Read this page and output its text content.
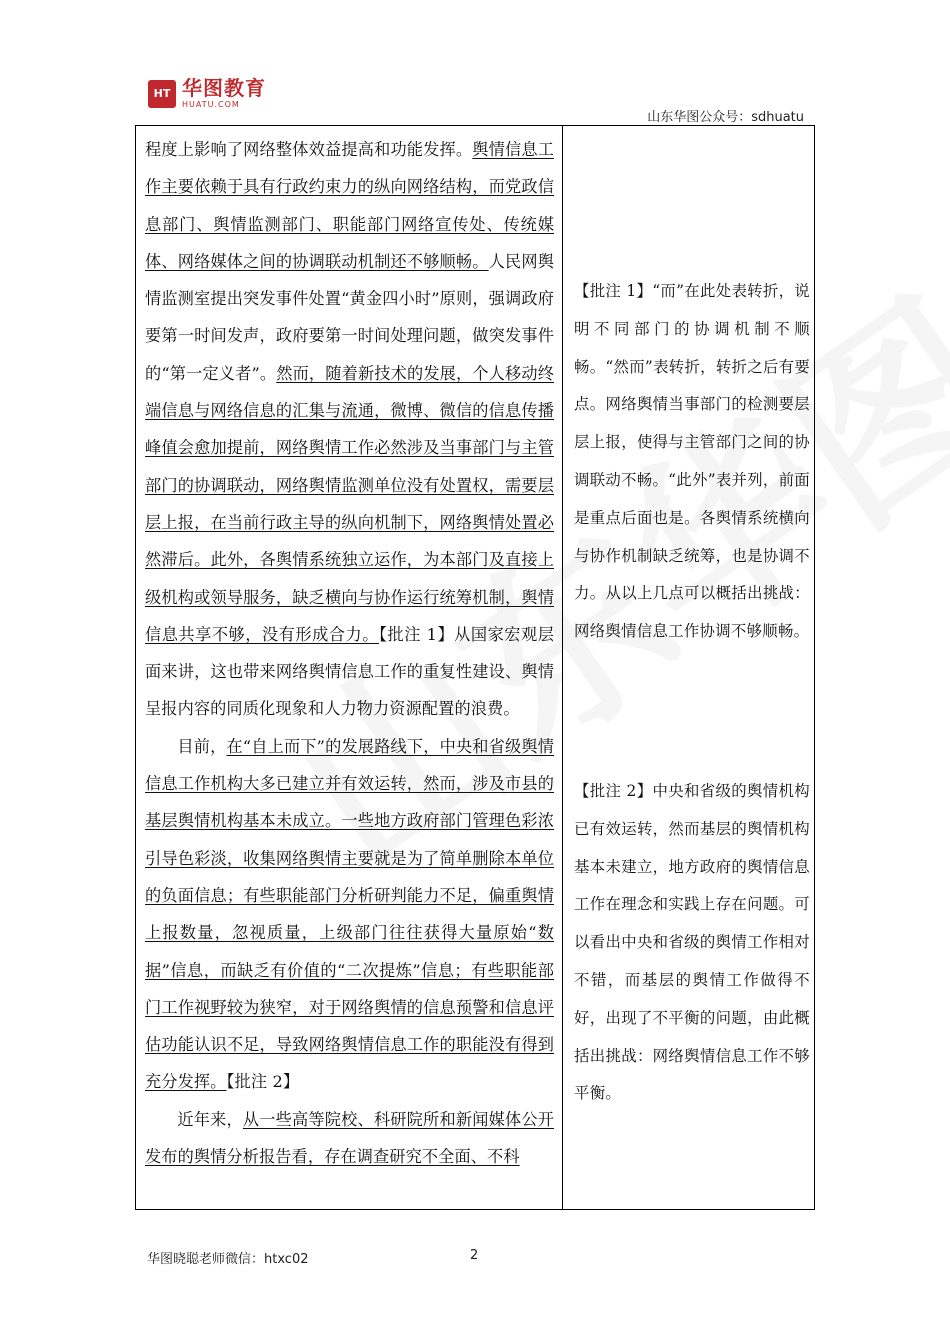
HT 华图教育
HUATU.COM
山东华图公众号：sdhuatu

程度上影响了网络整体效益提高和功能发挥。舆情信息工作主要依赖于具有行政约束力的纵向网络结构，而党政信息部门、舆情监测部门、职能部门网络宣传处、传统媒体、网络媒体之间的协调联动机制还不够顺畅。人民网舆情监测室提出突发事件处置“黄金四小时”原则，强调政府要第一时间发声，政府要第一时间处理问题，做突发事件的“第一定义者”。然而，随着新技术的发展，个人移动终端信息与网络信息的汇集与流通，微博、微信的信息传播峰值会愈加提前，网络舆情工作必然涉及当事部门与主管部门的协调联动，网络舆情监测单位没有处置权，需要层层上报，在当前行政主导的纵向机制下，网络舆情处置必然滞后。此外，各舆情系统独立运作，为本部门及直接上级机构或领导服务，缺乏横向与协作运行统筹机制，舆情信息共享不够，没有形成合力。【批注 1】从国家宏观层面来讲，这也带来网络舆情信息工作的重复性建设、舆情呈报内容的同质化现象和人力物力资源配置的浪费。

目前，在“自上而下”的发展路线下，中央和省级舆情信息工作机构大多已建立并有效运转，然而，涉及市县的基层舆情机构基本未成立。一些地方政府部门管理色彩浓引导色彩淡，收集网络舆情主要就是为了简单删除本单位的负面信息；有些职能部门分析研判能力不足，偏重舆情上报数量，忽视质量，上级部门往往获得大量原始“数据”信息，而缺乏有价值的“二次提炼”信息；有些职能部门工作视野较为狭窄，对于网络舆情的信息预警和信息评估功能认识不足，导致网络舆情信息工作的职能没有得到充分发挥。【批注 2】

近年来，从一些高等院校、科研院所和新闻媒体公开发布的舆情分析报告看，存在调查研究不全面、不科

【批注 1】“而”在此处表转折，说明不同部门的协调机制不顺畅。“然而”表转折，转折之后有要点。网络舆情当事部门的检测要层层上报，使得与主管部门之间的协调联动不畅。“此外”表并列，前面是重点后面也是。各舆情系统横向与协作机制缺乏统筹，也是协调不力。从以上几点可以概括出挑战：网络舆情信息工作协调不够顺畅。

【批注 2】中央和省级的舆情机构已有效运转，然而基层的舆情机构基本未建立，地方政府的舆情信息工作在理念和实践上存在问题。可以看出中央和省级的舆情工作相对不错，而基层的舆情工作做得不好，出现了不平衡的问题，由此概括出挑战：网络舆情信息工作不够平衡。

华图晓聪老师微信：htxc02	2
